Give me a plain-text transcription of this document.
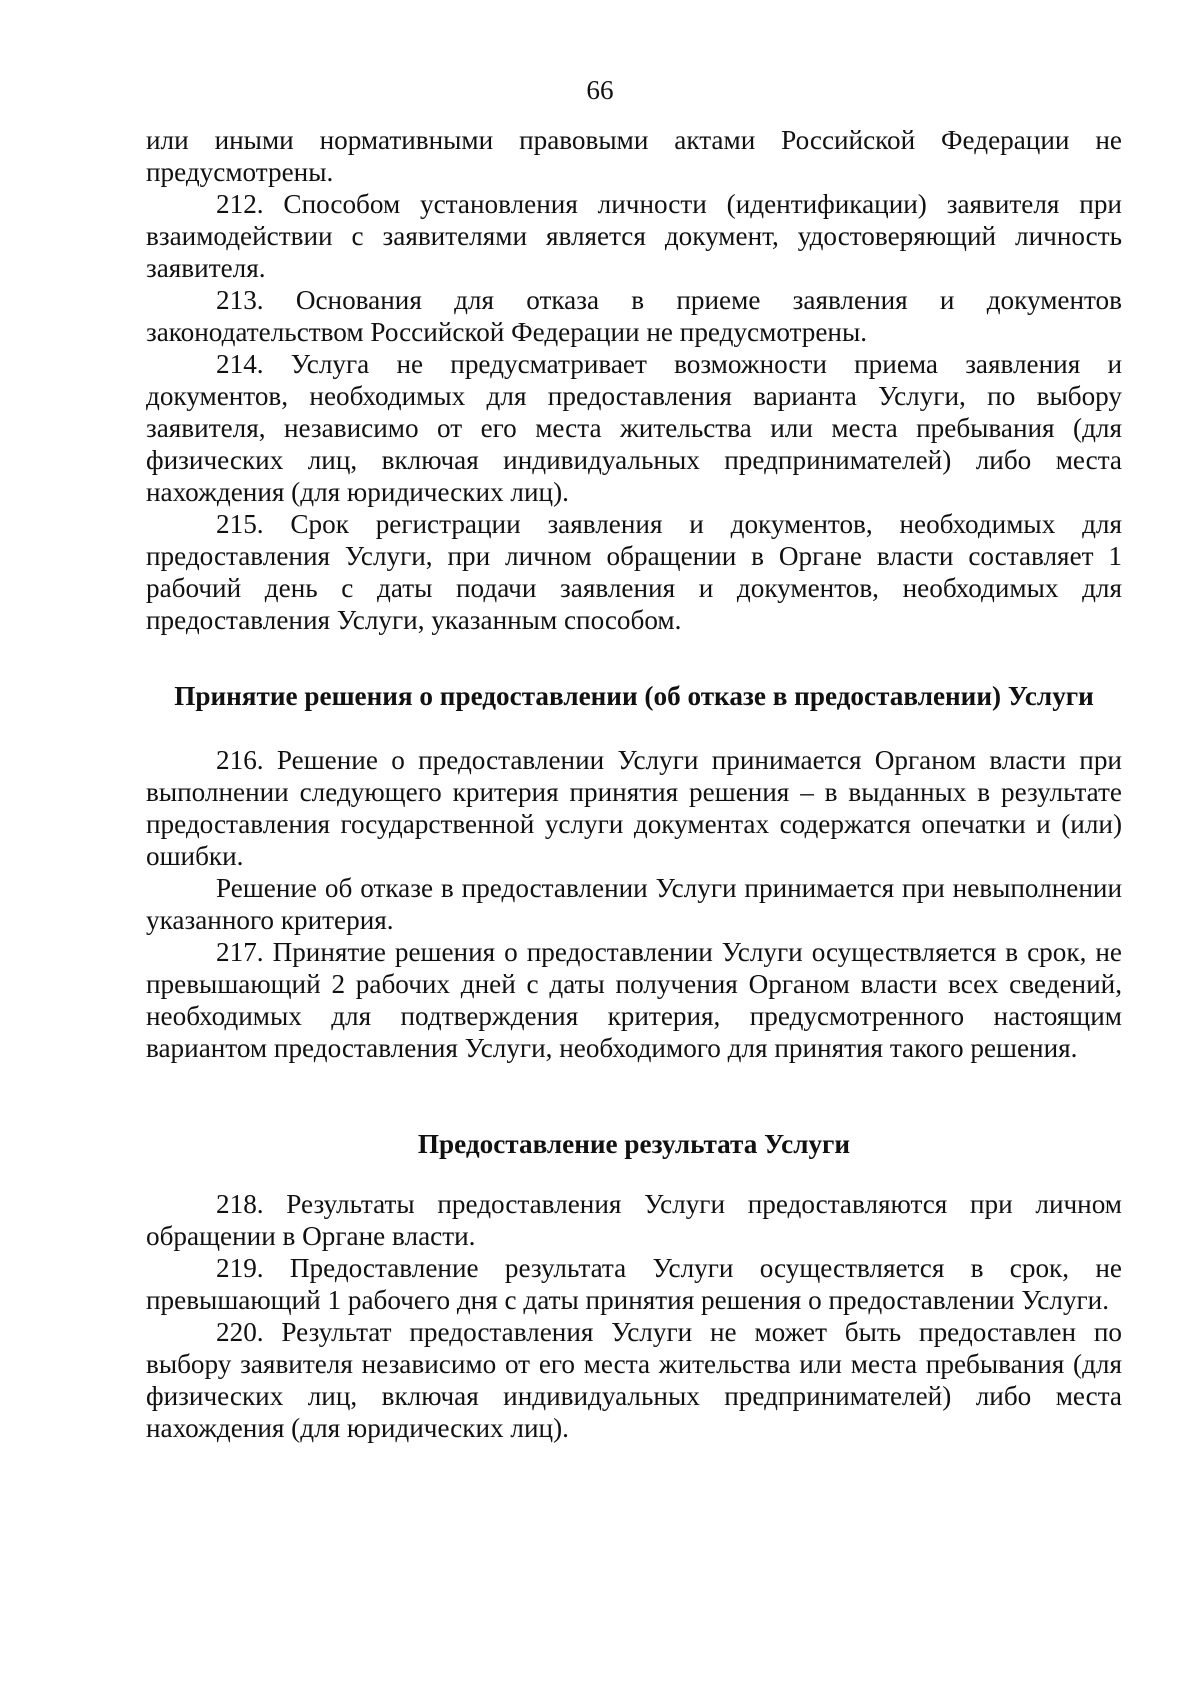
66

или иными нормативными правовыми актами Российской Федерации не предусмотрены.

212. Способом установления личности (идентификации) заявителя при взаимодействии с заявителями является документ, удостоверяющий личность заявителя.

213. Основания для отказа в приеме заявления и документов законодательством Российской Федерации не предусмотрены.

214. Услуга не предусматривает возможности приема заявления и документов, необходимых для предоставления варианта Услуги, по выбору заявителя, независимо от его места жительства или места пребывания (для физических лиц, включая индивидуальных предпринимателей) либо места нахождения (для юридических лиц).

215. Срок регистрации заявления и документов, необходимых для предоставления Услуги, при личном обращении в Органе власти составляет 1 рабочий день с даты подачи заявления и документов, необходимых для предоставления Услуги, указанным способом.

Принятие решения о предоставлении (об отказе в предоставлении) Услуги

216. Решение о предоставлении Услуги принимается Органом власти при выполнении следующего критерия принятия решения – в выданных в результате предоставления государственной услуги документах содержатся опечатки и (или) ошибки.

Решение об отказе в предоставлении Услуги принимается при невыполнении указанного критерия.

217. Принятие решения о предоставлении Услуги осуществляется в срок, не превышающий 2 рабочих дней с даты получения Органом власти всех сведений, необходимых для подтверждения критерия, предусмотренного настоящим вариантом предоставления Услуги, необходимого для принятия такого решения.

Предоставление результата Услуги

218. Результаты предоставления Услуги предоставляются при личном обращении в Органе власти.

219. Предоставление результата Услуги осуществляется в срок, не превышающий 1 рабочего дня с даты принятия решения о предоставлении Услуги.

220. Результат предоставления Услуги не может быть предоставлен по выбору заявителя независимо от его места жительства или места пребывания (для физических лиц, включая индивидуальных предпринимателей) либо места нахождения (для юридических лиц).
